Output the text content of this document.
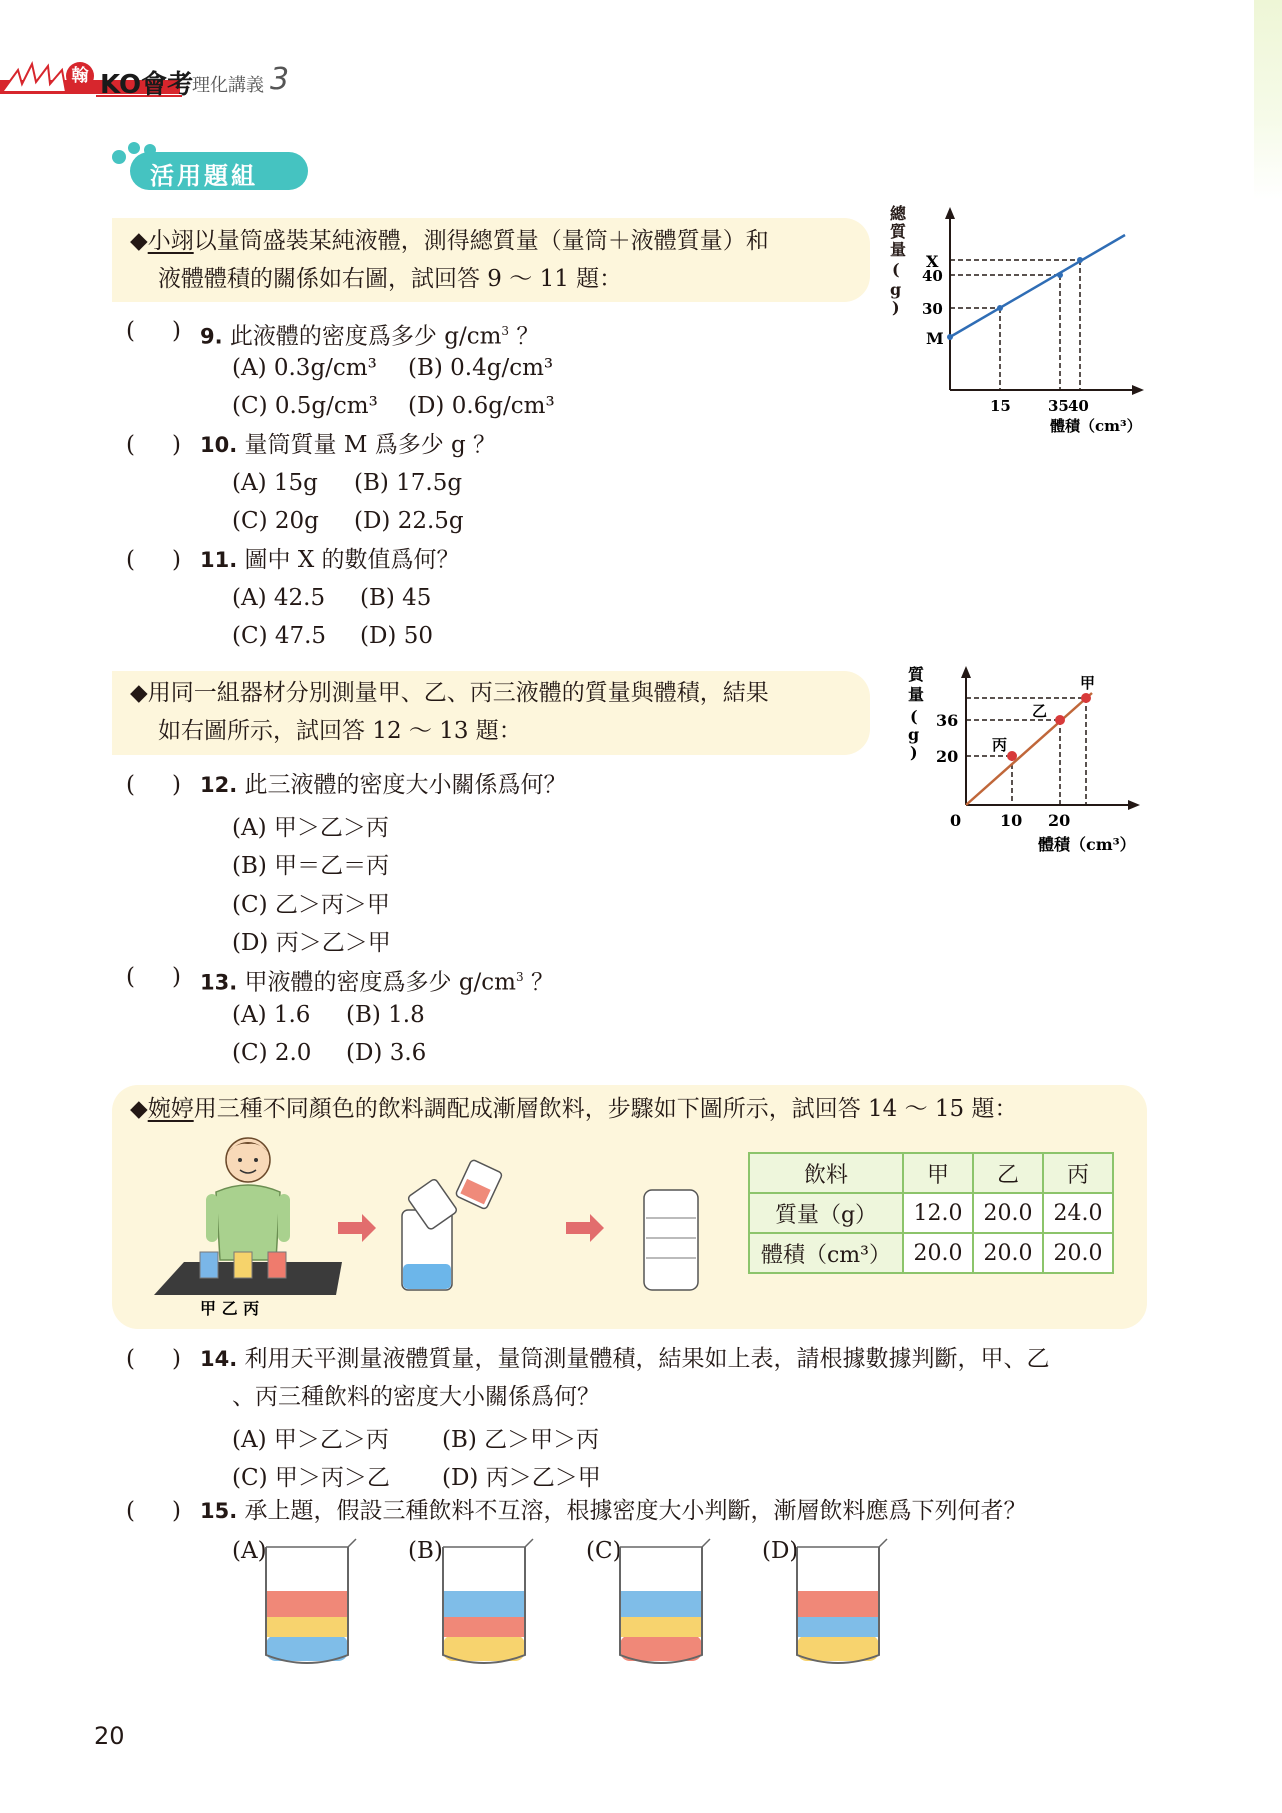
翰 KO會考
理化講義 3
活用題組
◆小翊以量筒盛裝某純液體，測得總質量（量筒＋液體質量）和
液體體積的關係如右圖，試回答 9 ～ 11 題：
總
質
量
(
g
)
X
40
30
M
15 35 40
體積（cm³）
( ) 9. 此液體的密度爲多少 $g/cm^3$ ？
(A) 0.3g/cm³ (B) 0.4g/cm³
(C) 0.5g/cm³ (D) 0.6g/cm³
( ) 10. 量筒質量 M 爲多少 g ？
(A) 15g (B) 17.5g
(C) 20g (D) 22.5g
( ) 11. 圖中 X 的數值爲何？
(A) 42.5 (B) 45
(C) 47.5 (D) 50
◆用同一組器材分別測量甲、乙、丙三液體的質量與體積，結果
如右圖所示，試回答 12 ～ 13 題：
質
量
(
g
)
甲
乙
丙
36
20
0 10 20
體積（cm³）
( ) 12. 此三液體的密度大小關係爲何？
(A) 甲＞乙＞丙
(B) 甲＝乙＝丙
(C) 乙＞丙＞甲
(D) 丙＞乙＞甲
( ) 13. 甲液體的密度爲多少 $g/cm^3$ ？
(A) 1.6 (B) 1.8
(C) 2.0 (D) 3.6
◆婉婷用三種不同顏色的飲料調配成漸層飲料，步驟如下圖所示，試回答 14 ～ 15 題：
甲 乙 丙
飲料	甲	乙	丙
質量（g）	12.0	20.0	24.0
體積（cm³）	20.0	20.0	20.0
( ) 14. 利用天平測量液體質量，量筒測量體積，結果如上表，請根據數據判斷，甲、乙
、丙三種飲料的密度大小關係爲何？
(A) 甲＞乙＞丙 (B) 乙＞甲＞丙
(C) 甲＞丙＞乙 (D) 丙＞乙＞甲
( ) 15. 承上題，假設三種飲料不互溶，根據密度大小判斷，漸層飲料應爲下列何者？
(A)	(B)	(C)	(D)
20
